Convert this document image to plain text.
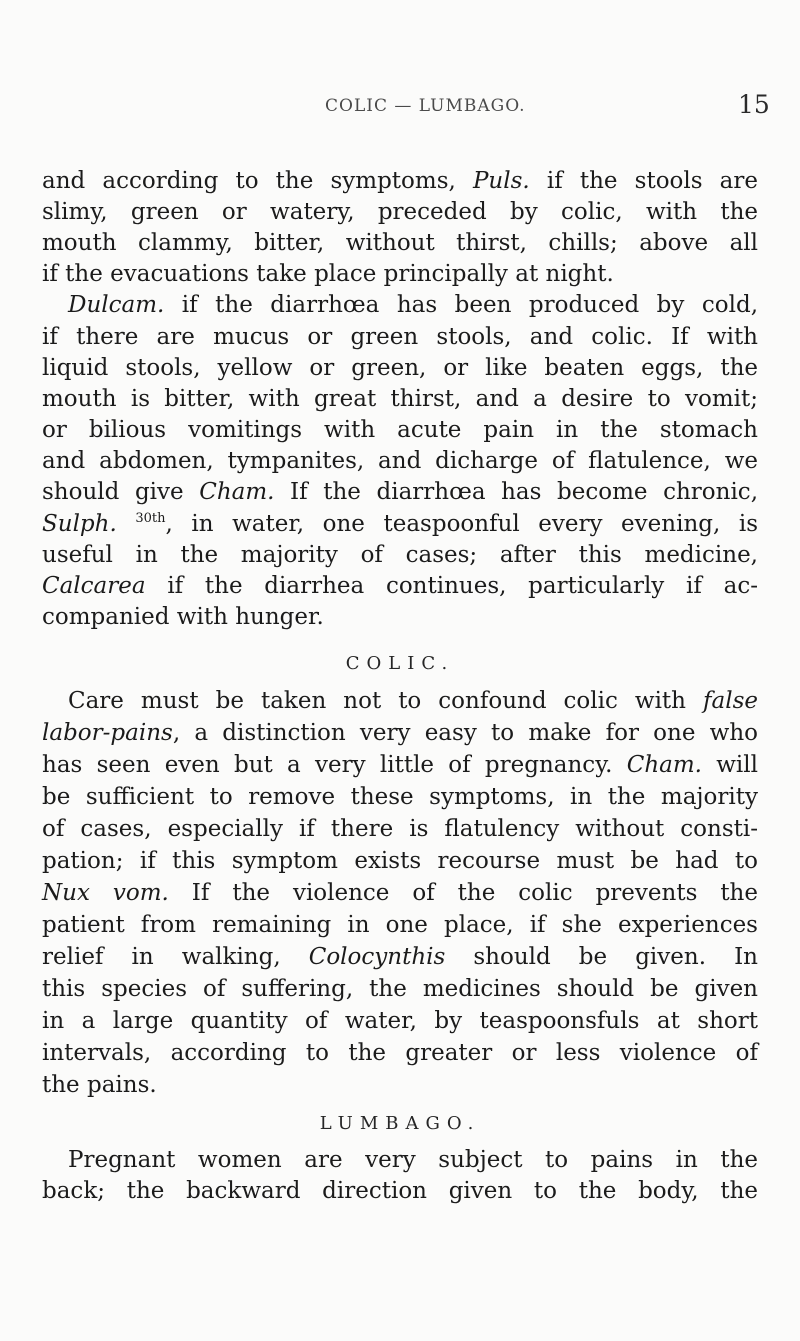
COLIC — LUMBAGO.	15
and according to the symptoms, Puls. if the stools are
slimy, green or watery, preceded by colic, with the
mouth clammy, bitter, without thirst, chills; above all
if the evacuations take place principally at night.
Dulcam. if the diarrhœa has been produced by cold,
if there are mucus or green stools, and colic. If with
liquid stools, yellow or green, or like beaten eggs, the
mouth is bitter, with great thirst, and a desire to vomit;
or bilious vomitings with acute pain in the stomach
and abdomen, tympanites, and dicharge of flatulence, we
should give Cham. If the diarrhœa has become chronic,
Sulph. $^{30th}$, in water, one teaspoonful every evening, is
useful in the majority of cases; after this medicine,
Calcarea if the diarrhea continues, particularly if ac-
companied with hunger.
COLIC.
Care must be taken not to confound colic with false
labor-pains, a distinction very easy to make for one who
has seen even but a very little of pregnancy. Cham. will
be sufficient to remove these symptoms, in the majority
of cases, especially if there is flatulency without consti-
pation; if this symptom exists recourse must be had to
Nux vom. If the violence of the colic prevents the
patient from remaining in one place, if she experiences
relief in walking, Colocynthis should be given. In
this species of suffering, the medicines should be given
in a large quantity of water, by teaspoonsfuls at short
intervals, according to the greater or less violence of
the pains.
LUMBAGO.
Pregnant women are very subject to pains in the
back; the backward direction given to the body, the
